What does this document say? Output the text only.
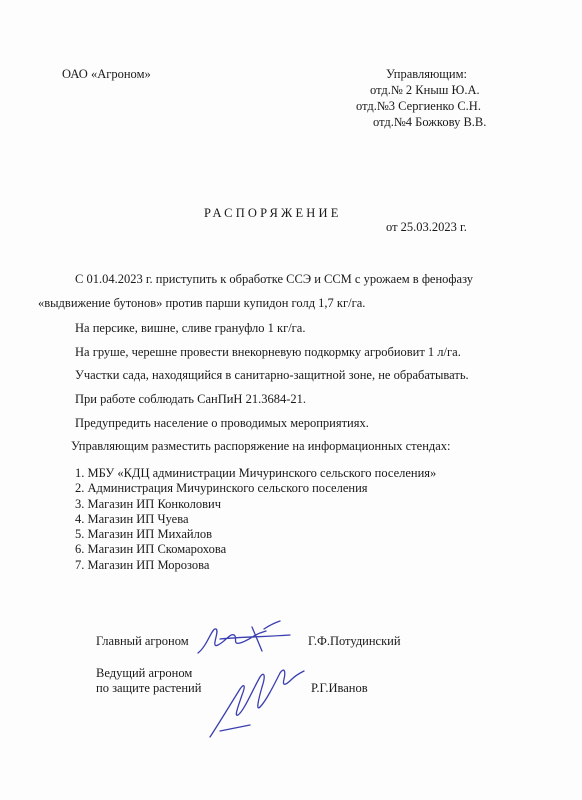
ОАО «Агроном»	Управляющим:
отд.№ 2 Кныш Ю.А.
отд.№3 Сергиенко С.Н.
отд.№4 Божкову В.В.
РАСПОРЯЖЕНИЕ
от 25.03.2023 г.
С 01.04.2023 г. приступить к обработке ССЭ и ССМ с урожаем в фенофазу
«выдвижение бутонов» против парши купидон голд 1,7 кг/га.
На персике, вишне, сливе грануфло 1 кг/га.
На груше, черешне провести внекорневую подкормку агробиовит 1 л/га.
Участки сада, находящийся в санитарно-защитной зоне, не обрабатывать.
При работе соблюдать СанПиН 21.3684-21.
Предупредить население о проводимых мероприятиях.
Управляющим разместить распоряжение на информационных стендах:
1. МБУ «КДЦ администрации Мичуринского сельского поселения»
2. Администрация Мичуринского сельского поселения
3. Магазин ИП Конколович
4. Магазин ИП Чуева
5. Магазин ИП Михайлов
6. Магазин ИП Скомарохова
7. Магазин ИП Морозова
Главный агроном	Г.Ф.Потудинский
Ведущий агроном
по защите растений	Р.Г.Иванов
